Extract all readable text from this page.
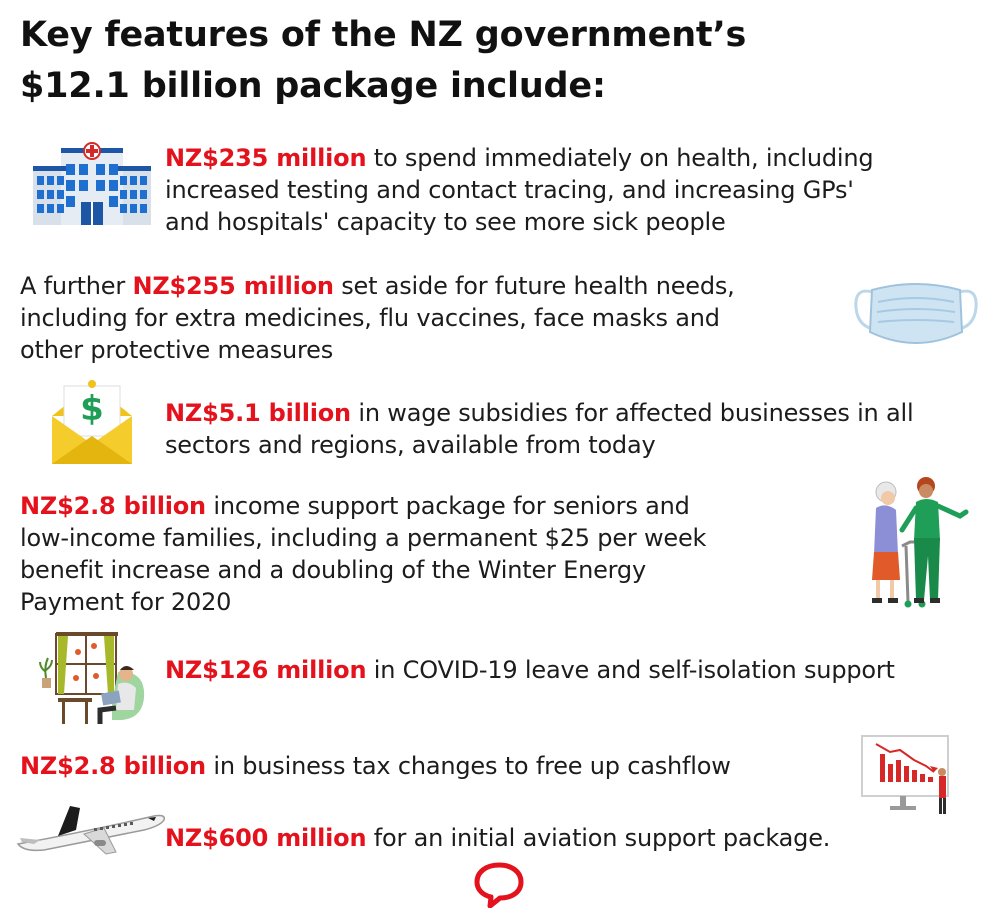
Key features of the NZ government’s
$12.1 billion package include:

NZ$235 million to spend immediately on health, including
increased testing and contact tracing, and increasing GPs'
and hospitals' capacity to see more sick people

A further NZ$255 million set aside for future health needs,
including for extra medicines, flu vaccines, face masks and
other protective measures

$	NZ$5.1 billion in wage subsidies for affected businesses in all
sectors and regions, available from today

NZ$2.8 billion income support package for seniors and
low-income families, including a permanent $25 per week
benefit increase and a doubling of the Winter Energy
Payment for 2020

NZ$126 million in COVID-19 leave and self-isolation support

NZ$2.8 billion in business tax changes to free up cashflow

NZ$600 million for an initial aviation support package.
